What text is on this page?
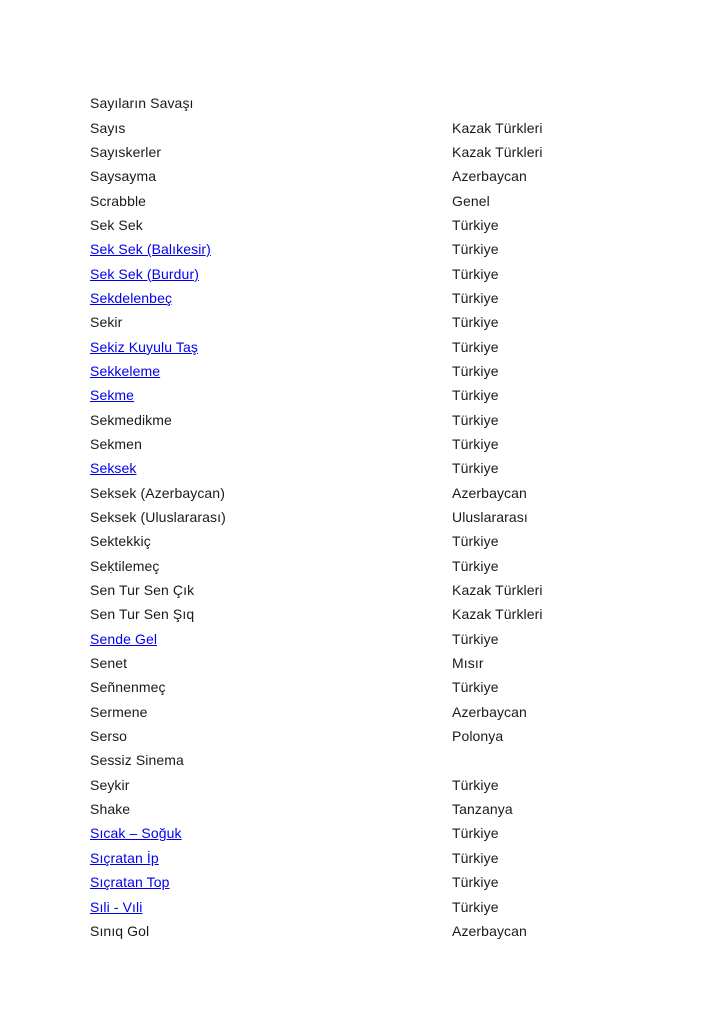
Sayıların Savaşı
Sayıs	Kazak Türkleri
Sayıskerler	Kazak Türkleri
Saysayma	Azerbaycan
Scrabble	Genel
Sek Sek	Türkiye
Sek Sek (Balıkesir)	Türkiye
Sek Sek (Burdur)	Türkiye
Sekdelenbeç	Türkiye
Sekir	Türkiye
Sekiz Kuyulu Taş	Türkiye
Sekkeleme	Türkiye
Sekme	Türkiye
Sekmedikme	Türkiye
Sekmen	Türkiye
Seksek	Türkiye
Seksek (Azerbaycan)	Azerbaycan
Seksek (Uluslararası)	Uluslararası
Sektekkiç	Türkiye
Seḳtilemeç	Türkiye
Sen Tur Sen Çık	Kazak Türkleri
Sen Tur Sen Şıq	Kazak Türkleri
Sende Gel	Türkiye
Senet	Mısır
Señnenmeç	Türkiye
Sermene	Azerbaycan
Serso	Polonya
Sessiz Sinema
Seykir	Türkiye
Shake	Tanzanya
Sıcak – Soğuk	Türkiye
Sıçratan İp	Türkiye
Sıçratan Top	Türkiye
Sıli - Vıli	Türkiye
Sınıq Gol	Azerbaycan
